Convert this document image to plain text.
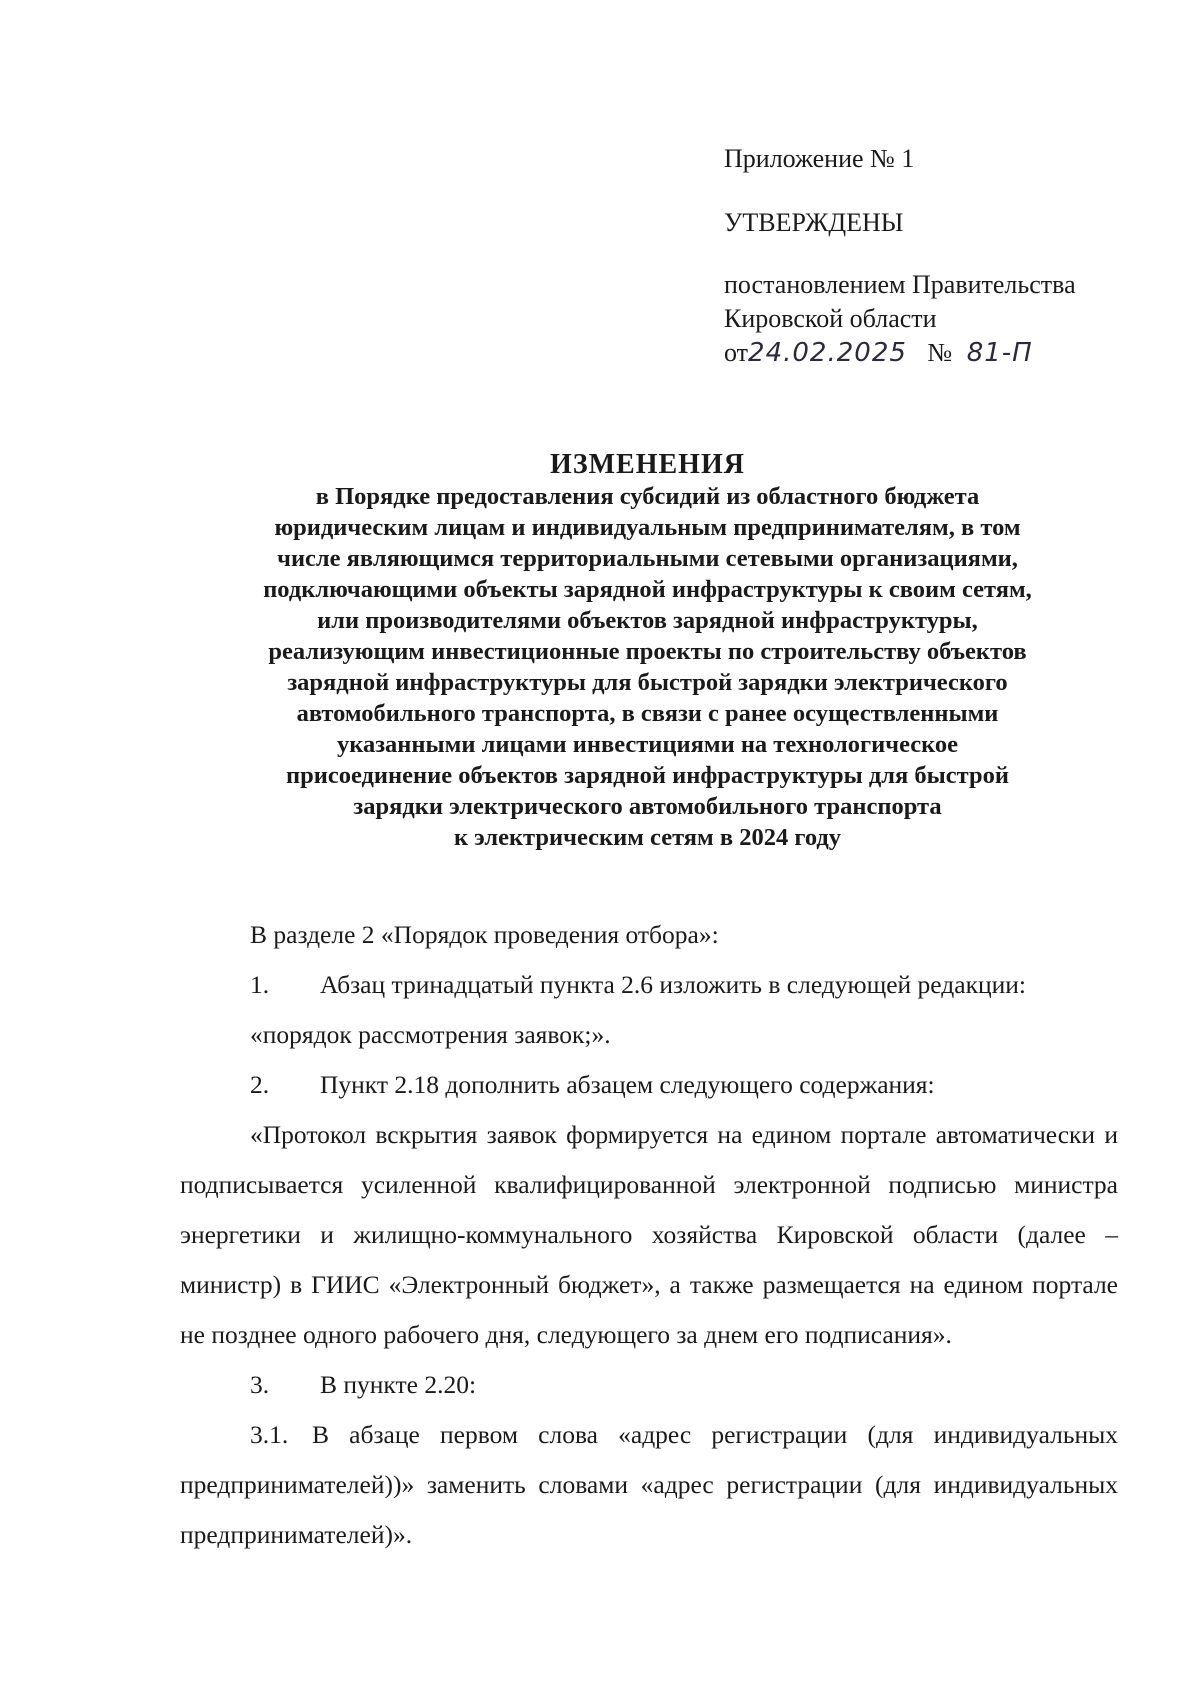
Приложение № 1
УТВЕРЖДЕНЫ
постановлением Правительства
Кировской области
от24.02.2025 № 81-П
ИЗМЕНЕНИЯ
в Порядке предоставления субсидий из областного бюджета
юридическим лицам и индивидуальным предпринимателям, в том
числе являющимся территориальными сетевыми организациями,
подключающими объекты зарядной инфраструктуры к своим сетям,
или производителями объектов зарядной инфраструктуры,
реализующим инвестиционные проекты по строительству объектов
зарядной инфраструктуры для быстрой зарядки электрического
автомобильного транспорта, в связи с ранее осуществленными
указанными лицами инвестициями на технологическое
присоединение объектов зарядной инфраструктуры для быстрой
зарядки электрического автомобильного транспорта
к электрическим сетям в 2024 году

В разделе 2 «Порядок проведения отбора»:

1.	Абзац тринадцатый пункта 2.6 изложить в следующей редакции:

«порядок рассмотрения заявок;».

2.	Пункт 2.18 дополнить абзацем следующего содержания:

«Протокол вскрытия заявок формируется на едином портале автоматически и подписывается усиленной квалифицированной электронной подписью министра энергетики и жилищно-коммунального хозяйства Кировской области (далее – министр) в ГИИС «Электронный бюджет», а также размещается на едином портале не позднее одного рабочего дня, следующего за днем его подписания».

3.	В пункте 2.20:

3.1. В абзаце первом слова «адрес регистрации (для индивидуальных предпринимателей))» заменить словами «адрес регистрации (для индивидуальных предпринимателей)».
